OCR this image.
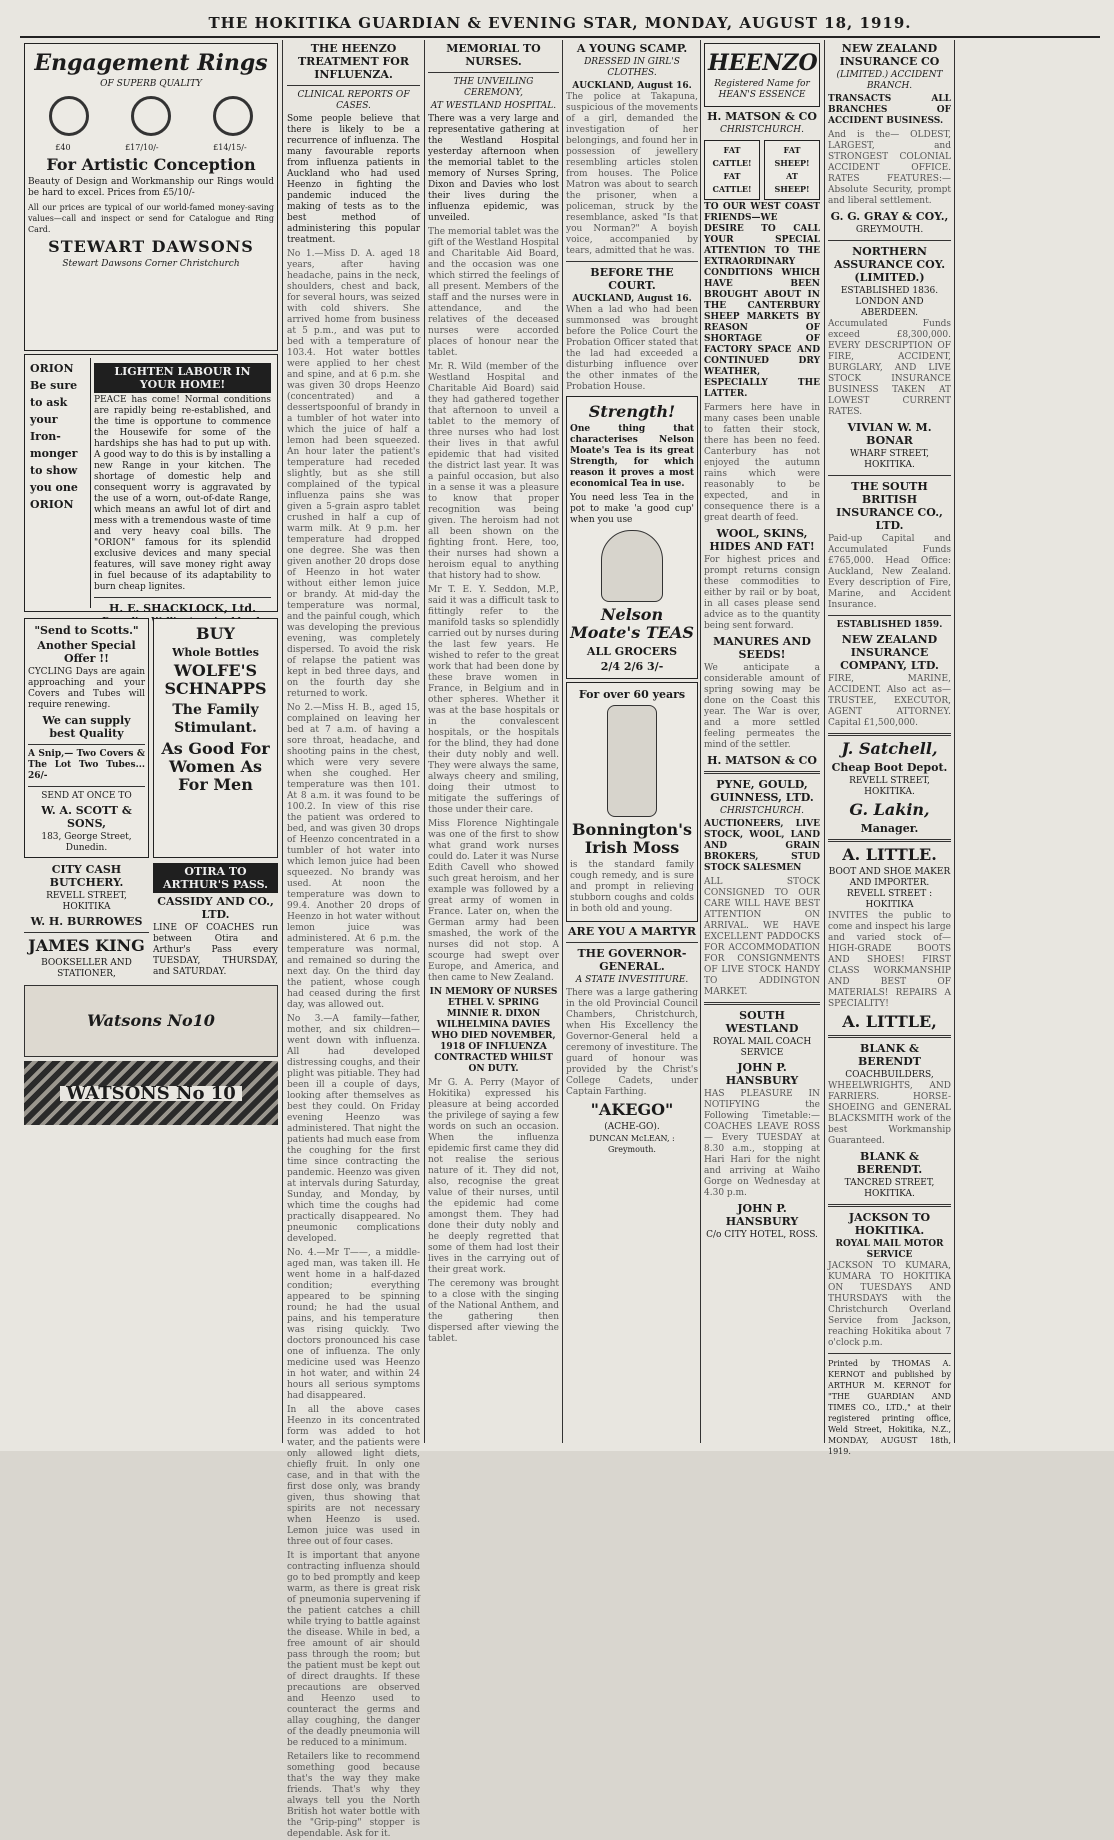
THE HOKITIKA GUARDIAN & EVENING STAR, MONDAY, AUGUST 18, 1919.
Engagement Rings
OF SUPERB QUALITY
£40	£17/10/-	£14/15/-
For Artistic Conception

Beauty of Design and Workmanship our Rings would be hard to excel. Prices from £5/10/-

All our prices are typical of our world-famed money-saving values—call and inspect or send for Catalogue and Ring Card.

STEWART DAWSONS
Stewart Dawsons Corner Christchurch
ORION Be sure to ask your Iron-monger to show you one ORION
LIGHTEN LABOUR IN YOUR HOME!

PEACE has come! Normal conditions are rapidly being re-established, and the time is opportune to commence the Housewife for some of the hardships she has had to put up with. A good way to do this is by installing a new Range in your kitchen. The shortage of domestic help and consequent worry is aggravated by the use of a worn, out-of-date Range, which means an awful lot of dirt and mess with a tremendous waste of time and very heavy coal bills. The "ORION" famous for its splendid exclusive devices and many special features, will save money right away in fuel because of its adaptability to burn cheap lignites.

H. E. SHACKLOCK, Ltd.
"Send to Scotts."
Another Special Offer !!

CYCLING Days are again approaching and your Covers and Tubes will require renewing.

We can supply best Quality

A Snip,— Two Covers & The Lot Two Tubes... 26/-

SEND AT ONCE TO
W. A. SCOTT & SONS,
183, George Street, Dunedin.
BUY
Whole Bottles
WOLFE'S SCHNAPPS
The Family Stimulant.
As Good For Women As For Men
CITY CASH BUTCHERY.
REVELL STREET, HOKITIKA
W. H. BURROWES
JAMES KING
BOOKSELLER AND STATIONER,
OTIRA TO ARTHUR'S PASS.
CASSIDY AND CO., LTD.

LINE OF COACHES run between Otira and Arthur's Pass every TUESDAY, THURSDAY, and SATURDAY.

Watsons No10
WATSONS No 10
THE HEENZO TREATMENT FOR INFLUENZA.
CLINICAL REPORTS OF CASES.

Some people believe that there is likely to be a recurrence of influenza. The many favourable reports from influenza patients in Auckland who had used Heenzo in fighting the pandemic induced the making of tests as to the best method of administering this popular treatment.

No 1.—Miss D. A. aged 18 years, after having headache, pains in the neck, shoulders, chest and back, for several hours, was seized with cold shivers. She arrived home from business at 5 p.m., and was put to bed with a temperature of 103.4. Hot water bottles were applied to her chest and spine, and at 6 p.m. she was given 30 drops Heenzo (concentrated) and a dessertspoonful of brandy in a tumbler of hot water into which the juice of half a lemon had been squeezed. An hour later the patient's temperature had receded slightly, but as she still complained of the typical influenza pains she was given a 5-grain aspro tablet crushed in half a cup of warm milk. At 9 p.m. her temperature had dropped one degree. She was then given another 20 drops dose of Heenzo in hot water without either lemon juice or brandy. At mid-day the temperature was normal, and the painful cough, which was developing the previous evening, was completely dispersed. To avoid the risk of relapse the patient was kept in bed three days, and on the fourth day she returned to work.

No 2.—Miss H. B., aged 15, complained on leaving her bed at 7 a.m. of having a sore throat, headache, and shooting pains in the chest, which were very severe when she coughed. Her temperature was then 101. At 8 a.m. it was found to be 100.2. In view of this rise the patient was ordered to bed, and was given 30 drops of Heenzo concentrated in a tumbler of hot water into which lemon juice had been squeezed. No brandy was used. At noon the temperature was down to 99.4. Another 20 drops of Heenzo in hot water without lemon juice was administered. At 6 p.m. the temperature was normal, and remained so during the next day. On the third day the patient, whose cough had ceased during the first day, was allowed out.

No 3.—A family—father, mother, and six children—went down with influenza. All had developed distressing coughs, and their plight was pitiable. They had been ill a couple of days, looking after themselves as best they could. On Friday evening Heenzo was administered. That night the patients had much ease from the coughing for the first time since contracting the pandemic. Heenzo was given at intervals during Saturday, Sunday, and Monday, by which time the coughs had practically disappeared. No pneumonic complications developed.

No. 4.—Mr T——, a middle-aged man, was taken ill. He went home in a half-dazed condition; everything appeared to be spinning round; he had the usual pains, and his temperature was rising quickly. Two doctors pronounced his case one of influenza. The only medicine used was Heenzo in hot water, and within 24 hours all serious symptoms had disappeared.

In all the above cases Heenzo in its concentrated form was added to hot water, and the patients were only allowed light diets, chiefly fruit. In only one case, and in that with the first dose only, was brandy given, thus showing that spirits are not necessary when Heenzo is used. Lemon juice was used in three out of four cases.

It is important that anyone contracting influenza should go to bed promptly and keep warm, as there is great risk of pneumonia supervening if the patient catches a chill while trying to battle against the disease. While in bed, a free amount of air should pass through the room; but the patient must be kept out of direct draughts. If these precautions are observed and Heenzo used to counteract the germs and allay coughing, the danger of the deadly pneumonia will be reduced to a minimum.

Retailers like to recommend something good because that's the way they make friends. That's why they always tell you the North British hot water bottle with the "Grip-ping" stopper is dependable. Ask for it.

MEMORIAL TO NURSES.
THE UNVEILING CEREMONY,
AT WESTLAND HOSPITAL.

There was a very large and representative gathering at the Westland Hospital yesterday afternoon when the memorial tablet to the memory of Nurses Spring, Dixon and Davies who lost their lives during the influenza epidemic, was unveiled.

The memorial tablet was the gift of the Westland Hospital and Charitable Aid Board, and the occasion was one which stirred the feelings of all present. Members of the staff and the nurses were in attendance, and the relatives of the deceased nurses were accorded places of honour near the tablet.

Mr. R. Wild (member of the Westland Hospital and Charitable Aid Board) said they had gathered together that afternoon to unveil a tablet to the memory of three nurses who had lost their lives in that awful epidemic that had visited the district last year. It was a painful occasion, but also in a sense it was a pleasure to know that proper recognition was being given. The heroism had not all been shown on the fighting front. Here, too, their nurses had shown a heroism equal to anything that history had to show.

Mr T. E. Y. Seddon, M.P., said it was a difficult task to fittingly refer to the manifold tasks so splendidly carried out by nurses during the last few years. He wished to refer to the great work that had been done by these brave women in France, in Belgium and in other spheres. Whether it was at the base hospitals or in the convalescent hospitals, or the hospitals for the blind, they had done their duty nobly and well. They were always the same, always cheery and smiling, doing their utmost to mitigate the sufferings of those under their care.

Miss Florence Nightingale was one of the first to show what grand work nurses could do. Later it was Nurse Edith Cavell who showed such great heroism, and her example was followed by a great army of women in France. Later on, when the German army had been smashed, the work of the nurses did not stop. A scourge had swept over Europe, and America, and then came to New Zealand.

IN MEMORY OF NURSES ETHEL V. SPRING MINNIE R. DIXON WILHELMINA DAVIES WHO DIED NOVEMBER, 1918 OF INFLUENZA CONTRACTED WHILST ON DUTY.

Mr G. A. Perry (Mayor of Hokitika) expressed his pleasure at being accorded the privilege of saying a few words on such an occasion. When the influenza epidemic first came they did not realise the serious nature of it. They did not, also, recognise the great value of their nurses, until the epidemic had come amongst them. They had done their duty nobly and he deeply regretted that some of them had lost their lives in the carrying out of their great work.

The ceremony was brought to a close with the singing of the National Anthem, and the gathering then dispersed after viewing the tablet.

A YOUNG SCAMP.
DRESSED IN GIRL'S CLOTHES.
AUCKLAND, August 16.

The police at Takapuna, suspicious of the movements of a girl, demanded the investigation of her belongings, and found her in possession of jewellery resembling articles stolen from houses. The Police Matron was about to search the prisoner, when a policeman, struck by the resemblance, asked "Is that you Norman?" A boyish voice, accompanied by tears, admitted that he was.

BEFORE THE COURT.
AUCKLAND, August 16.

When a lad who had been summonsed was brought before the Police Court the Probation Officer stated that the lad had exceeded a disturbing influence over the other inmates of the Probation House.

Strength!

One thing that characterises Nelson Moate's Tea is its great Strength, for which reason it proves a most economical Tea in use.

You need less Tea in the pot to make 'a good cup' when you use

Nelson Moate's TEAS
ALL GROCERS
2/4 2/6 3/-
For over 60 years
Bonnington's Irish Moss

is the standard family cough remedy, and is sure and prompt in relieving stubborn coughs and colds in both old and young.

ARE YOU A MARTYR
THE GOVERNOR-GENERAL.
A STATE INVESTITURE.

There was a large gathering in the old Provincial Council Chambers, Christchurch, when His Excellency the Governor-General held a ceremony of investiture. The guard of honour was provided by the Christ's College Cadets, under Captain Farthing.

"AKEGO"
(ACHE-GO).
DUNCAN McLEAN, : Greymouth.
HEENZO
Registered Name for HEAN'S ESSENCE
H. MATSON & CO
CHRISTCHURCH.
FAT CATTLE! FAT CATTLE!
FAT SHEEP! AT SHEEP!

TO OUR WEST COAST FRIENDS—WE DESIRE TO CALL YOUR SPECIAL ATTENTION TO THE EXTRAORDINARY CONDITIONS WHICH HAVE BEEN BROUGHT ABOUT IN THE CANTERBURY SHEEP MARKETS BY REASON OF SHORTAGE OF FACTORY SPACE AND CONTINUED DRY WEATHER, ESPECIALLY THE LATTER.

Farmers here have in many cases been unable to fatten their stock, there has been no feed. Canterbury has not enjoyed the autumn rains which were reasonably to be expected, and in consequence there is a great dearth of feed.

WOOL, SKINS, HIDES AND FAT!

For highest prices and prompt returns consign these commodities to either by rail or by boat, in all cases please send advice as to the quantity being sent forward.

MANURES AND SEEDS!

We anticipate a considerable amount of spring sowing may be done on the Coast this year. The War is over, and a more settled feeling permeates the mind of the settler.

H. MATSON & CO
PYNE, GOULD, GUINNESS, LTD.
CHRISTCHURCH.

AUCTIONEERS, LIVE STOCK, WOOL, LAND AND GRAIN BROKERS, STUD STOCK SALESMEN

ALL STOCK CONSIGNED TO OUR CARE WILL HAVE BEST ATTENTION ON ARRIVAL. WE HAVE EXCELLENT PADDOCKS FOR ACCOMMODATION FOR CONSIGNMENTS OF LIVE STOCK HANDY TO ADDINGTON MARKET.

SOUTH WESTLAND
ROYAL MAIL COACH SERVICE
JOHN P. HANSBURY

HAS PLEASURE IN NOTIFYING the Following Timetable:— COACHES LEAVE ROSS— Every TUESDAY at 8.30 a.m., stopping at Hari Hari for the night and arriving at Waiho Gorge on Wednesday at 4.30 p.m.

JOHN P. HANSBURY
C/o CITY HOTEL, ROSS.
NEW ZEALAND INSURANCE CO
(LIMITED.) ACCIDENT BRANCH.

TRANSACTS ALL BRANCHES OF ACCIDENT BUSINESS.

And is the— OLDEST, LARGEST, and STRONGEST COLONIAL ACCIDENT OFFICE. RATES FEATURES:—Absolute Security, prompt and liberal settlement.

G. G. GRAY & COY.,
GREYMOUTH.
NORTHERN ASSURANCE COY. (LIMITED.)
ESTABLISHED 1836.
LONDON AND ABERDEEN.

Accumulated Funds exceed £8,300,000. EVERY DESCRIPTION OF FIRE, ACCIDENT, BURGLARY, AND LIVE STOCK INSURANCE BUSINESS TAKEN AT LOWEST CURRENT RATES.

VIVIAN W. M. BONAR
WHARF STREET, HOKITIKA.
THE SOUTH BRITISH INSURANCE CO., LTD.

Paid-up Capital and Accumulated Funds £765,000. Head Office: Auckland, New Zealand. Every description of Fire, Marine, and Accident Insurance.

ESTABLISHED 1859.
NEW ZEALAND INSURANCE COMPANY, LTD.

FIRE, MARINE, ACCIDENT. Also act as— TRUSTEE, EXECUTOR, AGENT ATTORNEY. Capital £1,500,000.

J. Satchell,
Cheap Boot Depot.
REVELL STREET, HOKITIKA.
G. Lakin,
Manager.
A. LITTLE.
BOOT AND SHOE MAKER AND IMPORTER.
REVELL STREET : HOKITIKA

INVITES the public to come and inspect his large and varied stock of— HIGH-GRADE BOOTS AND SHOES! FIRST CLASS WORKMANSHIP AND BEST OF MATERIALS! REPAIRS A SPECIALITY!

A. LITTLE,
BLANK & BERENDT
COACHBUILDERS,

WHEELWRIGHTS, AND FARRIERS. HORSE-SHOEING and GENERAL BLACKSMITH work of the best Workmanship Guaranteed.

BLANK & BERENDT.
TANCRED STREET, HOKITIKA.
JACKSON TO HOKITIKA.
ROYAL MAIL MOTOR SERVICE

JACKSON TO KUMARA, KUMARA TO HOKITIKA ON TUESDAYS AND THURSDAYS with the Christchurch Overland Service from Jackson, reaching Hokitika about 7 o'clock p.m.

Printed by THOMAS A. KERNOT and published by ARTHUR M. KERNOT for "THE GUARDIAN AND TIMES CO., LTD.," at their registered printing office, Weld Street, Hokitika, N.Z., MONDAY, AUGUST 18th, 1919.
